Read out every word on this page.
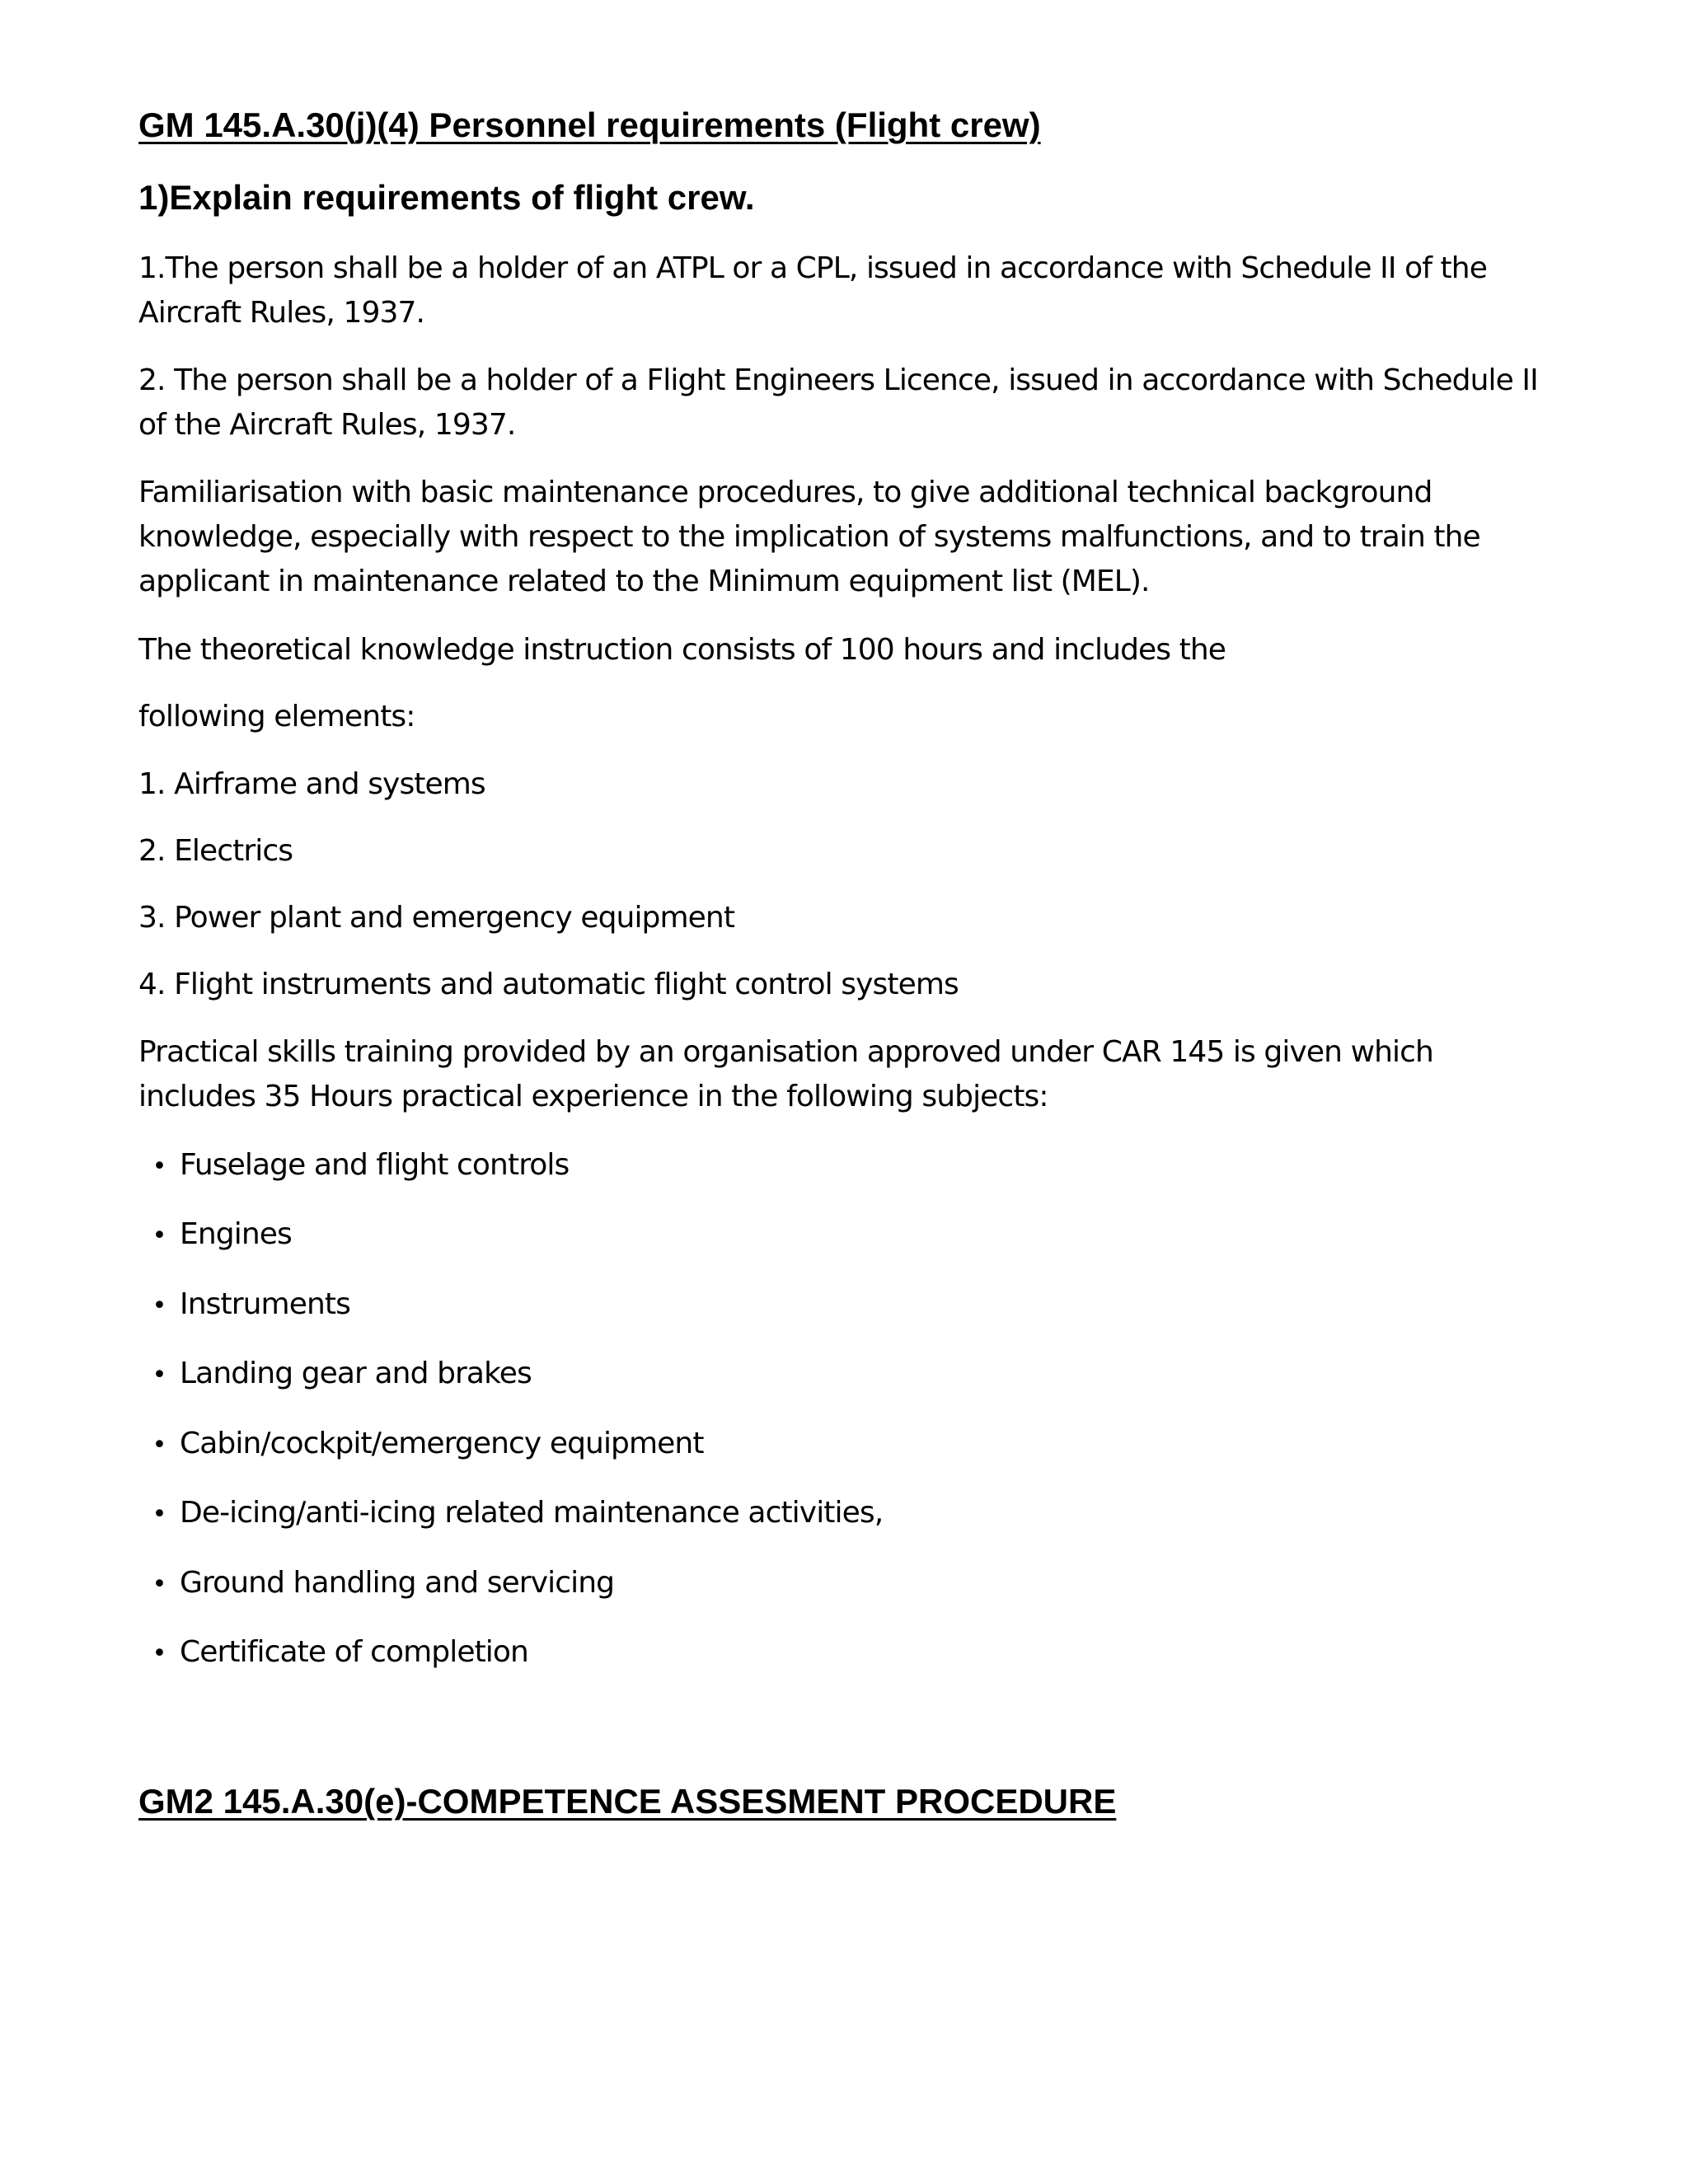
GM 145.A.30(j)(4) Personnel requirements (Flight crew)
1)Explain requirements of flight crew.

1.The person shall be a holder of an ATPL or a CPL, issued in accordance with Schedule II of the Aircraft Rules, 1937.

2. The person shall be a holder of a Flight Engineers Licence, issued in accordance with Schedule II of the Aircraft Rules, 1937.

Familiarisation with basic maintenance procedures, to give additional technical background knowledge, especially with respect to the implication of systems malfunctions, and to train the applicant in maintenance related to the Minimum equipment list (MEL).

The theoretical knowledge instruction consists of 100 hours and includes the

following elements:

1. Airframe and systems

2. Electrics

3. Power plant and emergency equipment

4. Flight instruments and automatic flight control systems

Practical skills training provided by an organisation approved under CAR 145 is given which includes 35 Hours practical experience in the following subjects:

• Fuselage and flight controls
• Engines
• Instruments
• Landing gear and brakes
• Cabin/cockpit/emergency equipment
• De-icing/anti-icing related maintenance activities,
• Ground handling and servicing
• Certificate of completion
GM2 145.A.30(e)-COMPETENCE ASSESMENT PROCEDURE
